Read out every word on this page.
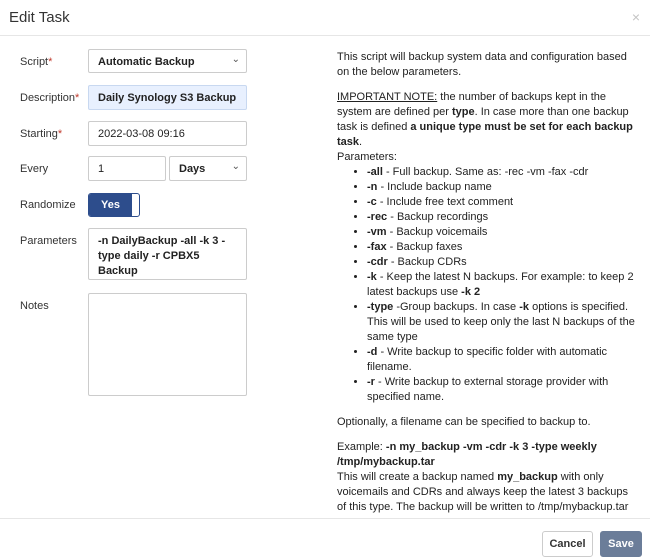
Edit Task	×
Script*	Automatic Backup	⌄
Description* Daily Synology S3 Backup
Starting*	2022-03-08 09:16
Every	1	Days	⌄
Randomize	Yes
Parameters -n DailyBackup -all -k 3 -type daily -r CPBX5 Backup
Notes

This script will backup system data and configuration based on the below parameters.

IMPORTANT NOTE: the number of backups kept in the system are defined per type. In case more than one backup task is defined a unique type must be set for each backup task.
Parameters:

• -all - Full backup. Same as: -rec -vm -fax -cdr
• -n - Include backup name
• -c - Include free text comment
• -rec - Backup recordings
• -vm - Backup voicemails
• -fax - Backup faxes
• -cdr - Backup CDRs
• -k - Keep the latest N backups. For example: to keep 2 latest backups use -k 2
• -type -Group backups. In case -k options is specified. This will be used to keep only the last N backups of the same type
• -d - Write backup to specific folder with automatic filename.
• -r - Write backup to external storage provider with specified name.

Optionally, a filename can be specified to backup to.

Example: -n my_backup -vm -cdr -k 3 -type weekly /tmp/mybackup.tar
This will create a backup named my_backup with only voicemails and CDRs and always keep the latest 3 backups of this type. The backup will be written to /tmp/mybackup.tar

Cancel	Save
